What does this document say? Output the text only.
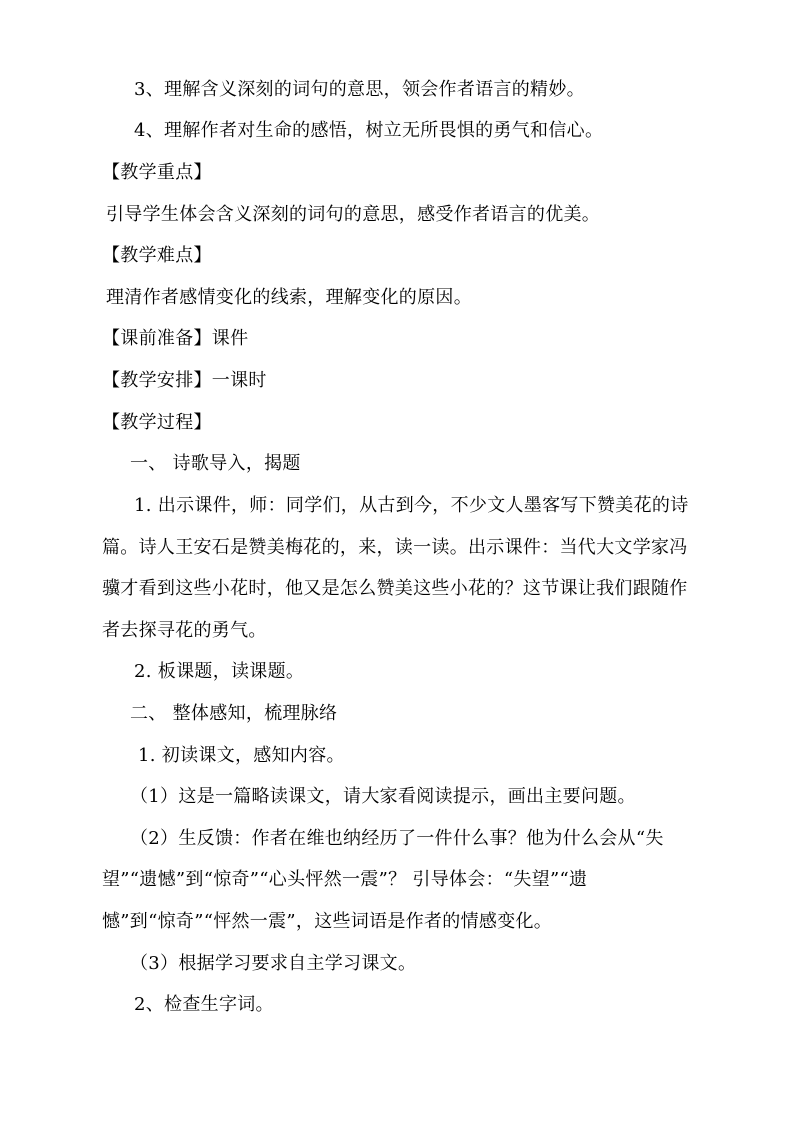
3、理解含义深刻的词句的意思，领会作者语言的精妙。
4、理解作者对生命的感悟，树立无所畏惧的勇气和信心。
【教学重点】
引导学生体会含义深刻的词句的意思，感受作者语言的优美。
【教学难点】
理清作者感情变化的线索，理解变化的原因。
【课前准备】课件
【教学安排】一课时
【教学过程】
一、 诗歌导入，揭题
1. 出示课件，师：同学们，从古到今，不少文人墨客写下赞美花的诗
篇。诗人王安石是赞美梅花的，来，读一读。出示课件：当代大文学家冯
骥才看到这些小花时，他又是怎么赞美这些小花的？这节课让我们跟随作
者去探寻花的勇气。
2. 板课题，读课题。
二、 整体感知，梳理脉络
1. 初读课文，感知内容。
（1）这是一篇略读课文，请大家看阅读提示，画出主要问题。
（2）生反馈：作者在维也纳经历了一件什么事？他为什么会从“失
望”“遗憾”到“惊奇”“心头怦然一震”？ 引导体会：“失望”“遗
憾”到“惊奇”“怦然一震”，这些词语是作者的情感变化。
（3）根据学习要求自主学习课文。
2、检查生字词。
